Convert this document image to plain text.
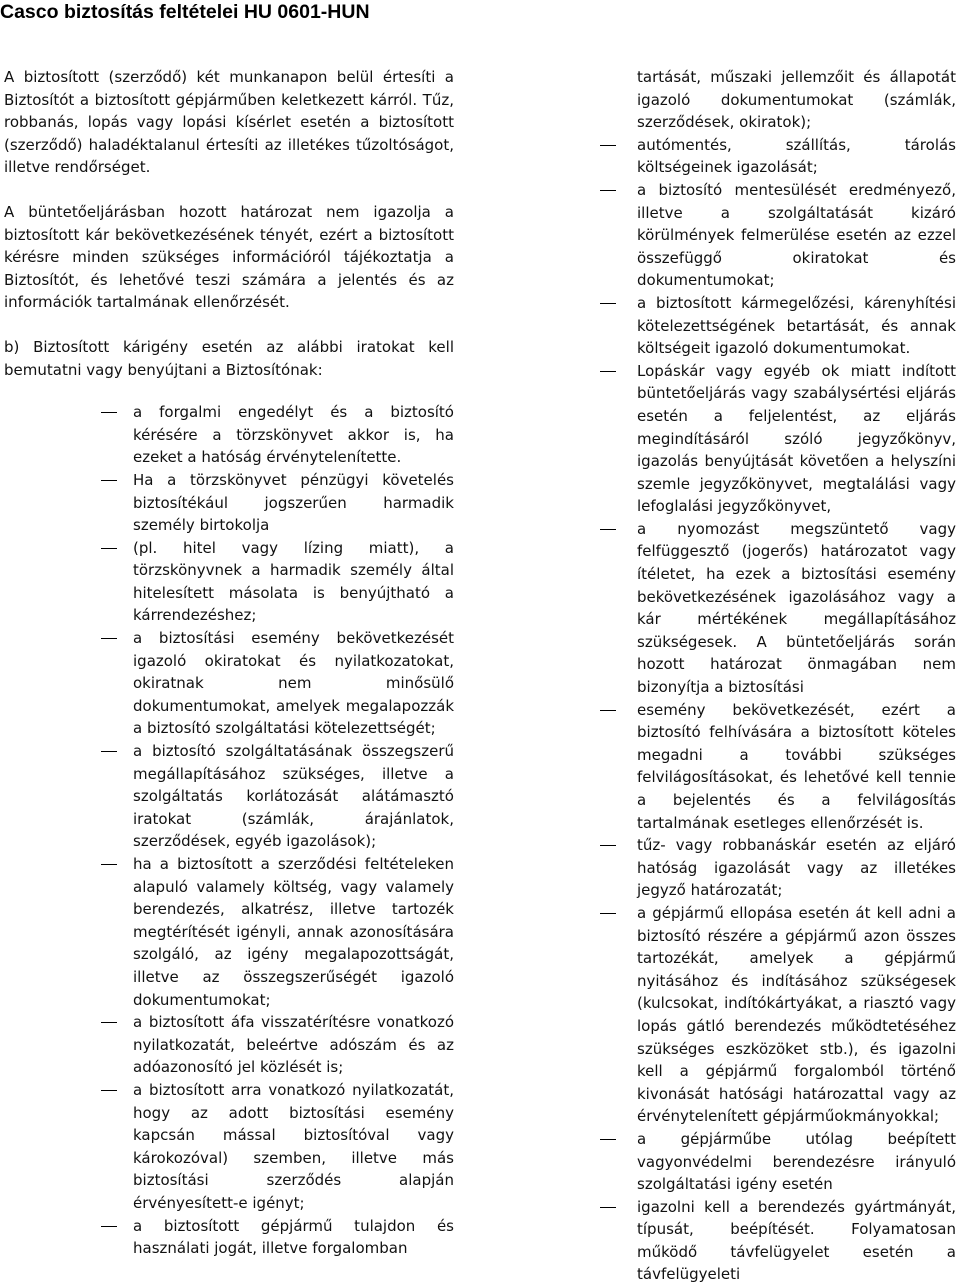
Casco biztosítás feltételei HU 0601-HUN

A biztosított (szerződő) két munkanapon belül értesíti a Biztosítót a biztosított gépjárműben keletkezett kárról. Tűz, robbanás, lopás vagy lopási kísérlet esetén a biztosított (szerződő) haladéktalanul értesíti az illetékes tűzoltóságot, illetve rendőrséget.

A büntetőeljárásban hozott határozat nem igazolja a biztosított kár bekövetkezésének tényét, ezért a biztosított kérésre minden szükséges információról tájékoztatja a Biztosítót, és lehetővé teszi számára a jelentés és az információk tartalmának ellenőrzését.

b) Biztosított kárigény esetén az alábbi iratokat kell bemutatni vagy benyújtani a Biztosítónak:

a forgalmi engedélyt és a biztosító kérésére a törzskönyvet akkor is, ha ezeket a hatóság érvénytelenítette.
Ha a törzskönyvet pénzügyi követelés biztosítékául jogszerűen harmadik személy birtokolja
(pl. hitel vagy lízing miatt), a törzskönyvnek a harmadik személy által hitelesített másolata is benyújtható a kárrendezéshez;
a biztosítási esemény bekövetkezését igazoló okiratokat és nyilatkozatokat, okiratnak nem minősülő dokumentumokat, amelyek megalapozzák a biztosító szolgáltatási kötelezettségét;
a biztosító szolgáltatásának összegszerű megállapításához szükséges, illetve a szolgáltatás korlátozását alátámasztó iratokat (számlák, árajánlatok, szerződések, egyéb igazolások);
ha a biztosított a szerződési feltételeken alapuló valamely költség, vagy valamely berendezés, alkatrész, illetve tartozék megtérítését igényli, annak azonosítására szolgáló, az igény megalapozottságát, illetve az összegszerűségét igazoló dokumentumokat;
a biztosított áfa visszatérítésre vonatkozó nyilatkozatát, beleértve adószám és az adóazonosító jel közlését is;
a biztosított arra vonatkozó nyilatkozatát, hogy az adott biztosítási esemény kapcsán mással biztosítóval vagy károkozóval) szemben, illetve más biztosítási szerződés alapján érvényesített-e igényt;
a biztosított gépjármű tulajdon és használati jogát, illetve forgalomban
tartását, műszaki jellemzőit és állapotát igazoló dokumentumokat (számlák, szerződések, okiratok);
autómentés, szállítás, tárolás költségeinek igazolását;
a biztosító mentesülését eredményező, illetve a szolgáltatását kizáró körülmények felmerülése esetén az ezzel összefüggő okiratokat és dokumentumokat;
a biztosított kármegelőzési, kárenyhítési kötelezettségének betartását, és annak költségeit igazoló dokumentumokat.
Lopáskár vagy egyéb ok miatt indított büntetőeljárás vagy szabálysértési eljárás esetén a feljelentést, az eljárás megindításáról szóló jegyzőkönyv, igazolás benyújtását követően a helyszíni szemle jegyzőkönyvet, megtalálási vagy lefoglalási jegyzőkönyvet,
a nyomozást megszüntető vagy felfüggesztő (jogerős) határozatot vagy ítéletet, ha ezek a biztosítási esemény bekövetkezésének igazolásához vagy a kár mértékének megállapításához szükségesek. A büntetőeljárás során hozott határozat önmagában nem bizonyítja a biztosítási
esemény bekövetkezését, ezért a biztosító felhívására a biztosított köteles megadni a további szükséges felvilágosításokat, és lehetővé kell tennie a bejelentés és a felvilágosítás tartalmának esetleges ellenőrzését is.
tűz- vagy robbanáskár esetén az eljáró hatóság igazolását vagy az illetékes jegyző határozatát;
a gépjármű ellopása esetén át kell adni a biztosító részére a gépjármű azon összes tartozékát, amelyek a gépjármű nyitásához és indításához szükségesek (kulcsokat, indítókártyákat, a riasztó vagy lopás gátló berendezés működtetéséhez szükséges eszközöket stb.), és igazolni kell a gépjármű forgalomból történő kivonását hatósági határozattal vagy az érvénytelenített gépjárműokmányokkal;
a gépjárműbe utólag beépített vagyonvédelmi berendezésre irányuló szolgáltatási igény esetén
igazolni kell a berendezés gyártmányát, típusát, beépítését. Folyamatosan működő távfelügyelet esetén a távfelügyeleti
